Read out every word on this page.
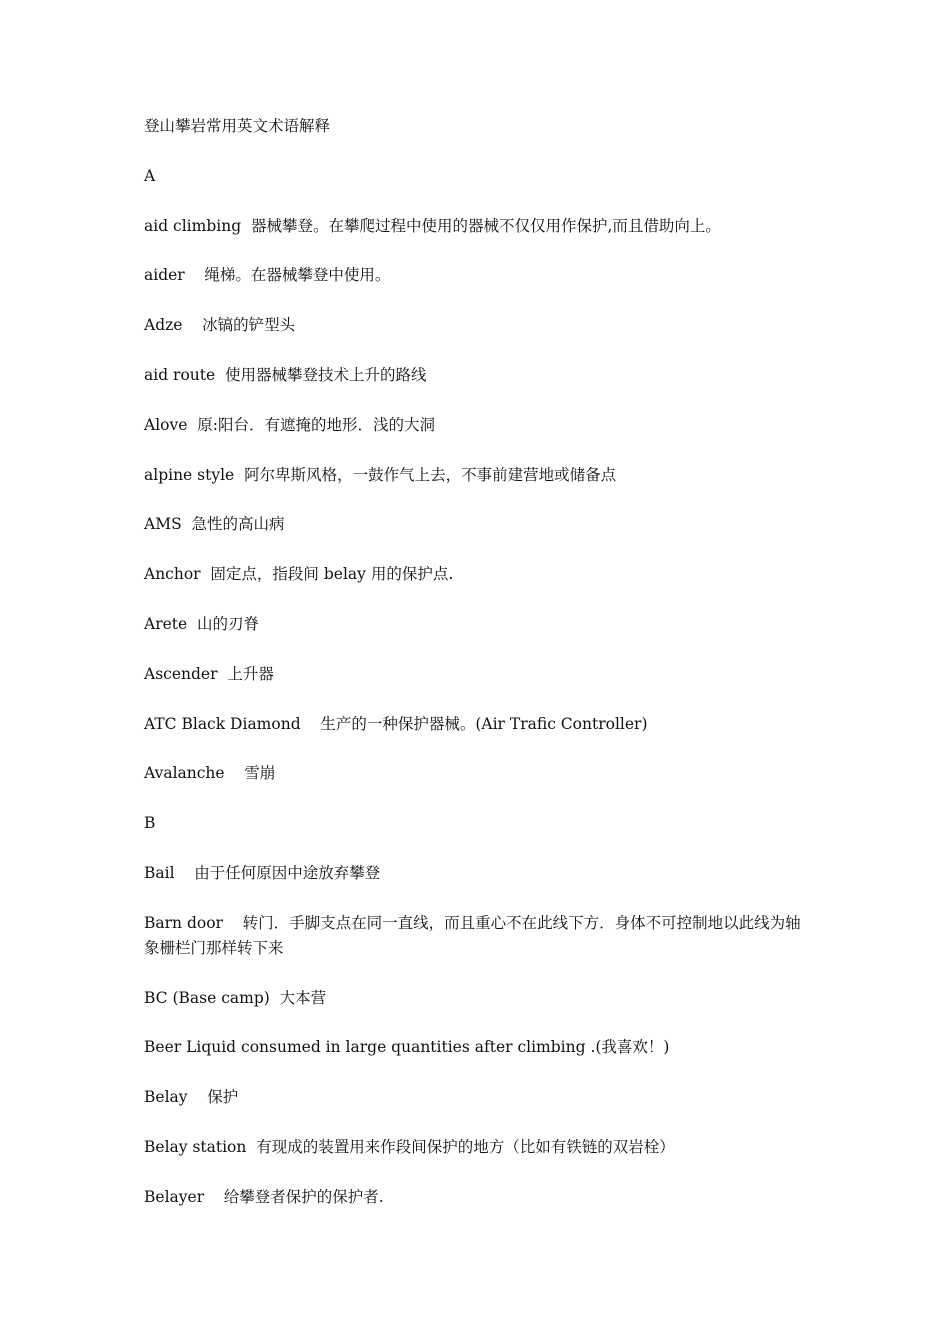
登山攀岩常用英文术语解释
A
aid climbing  器械攀登。在攀爬过程中使用的器械不仅仅用作保护,而且借助向上。
aider    绳梯。在器械攀登中使用。
Adze    冰镐的铲型头
aid route  使用器械攀登技术上升的路线
Alove  原:阳台．有遮掩的地形．浅的大洞
alpine style  阿尔卑斯风格，一鼓作气上去，不事前建营地或储备点
AMS  急性的高山病
Anchor  固定点，指段间 belay 用的保护点.
Arete  山的刃脊
Ascender  上升器
ATC Black Diamond    生产的一种保护器械。(Air Trafic Controller)
Avalanche    雪崩
B
Bail    由于任何原因中途放弃攀登
Barn door    转门．手脚支点在同一直线，而且重心不在此线下方．身体不可控制地以此线为轴象栅栏门那样转下来
BC (Base camp)  大本营
Beer Liquid consumed in large quantities after climbing .(我喜欢！)
Belay    保护
Belay station  有现成的装置用来作段间保护的地方（比如有铁链的双岩栓）
Belayer    给攀登者保护的保护者.
